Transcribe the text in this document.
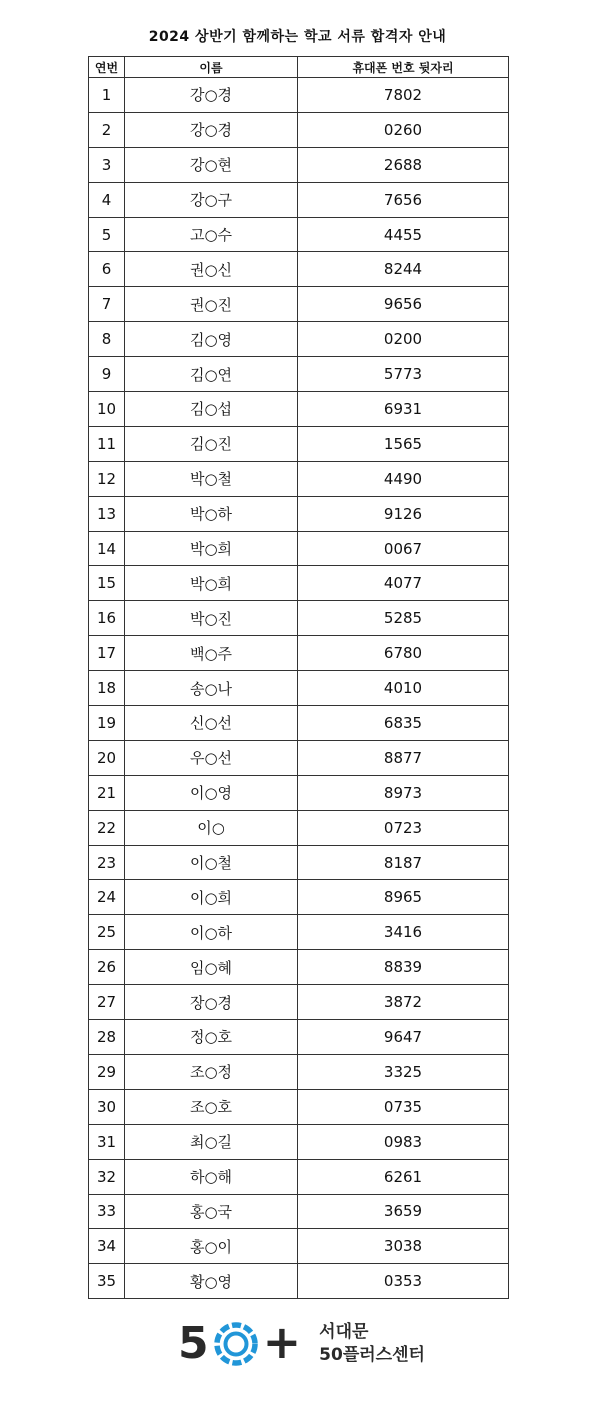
2024 상반기 함께하는 학교 서류 합격자 안내
연번	이름	휴대폰 번호 뒷자리
1	강○경	7802
2	강○경	0260
3	강○현	2688
4	강○구	7656
5	고○수	4455
6	권○신	8244
7	권○진	9656
8	김○영	0200
9	김○연	5773
10	김○섭	6931
11	김○진	1565
12	박○철	4490
13	박○하	9126
14	박○희	0067
15	박○희	4077
16	박○진	5285
17	백○주	6780
18	송○나	4010
19	신○선	6835
20	우○선	8877
21	이○영	8973
22	이○	0723
23	이○철	8187
24	이○희	8965
25	이○하	3416
26	임○혜	8839
27	장○경	3872
28	정○호	9647
29	조○정	3325
30	조○호	0735
31	최○길	0983
32	하○해	6261
33	홍○국	3659
34	홍○이	3038
35	황○영	0353
5 + 서대문
50플러스센터
